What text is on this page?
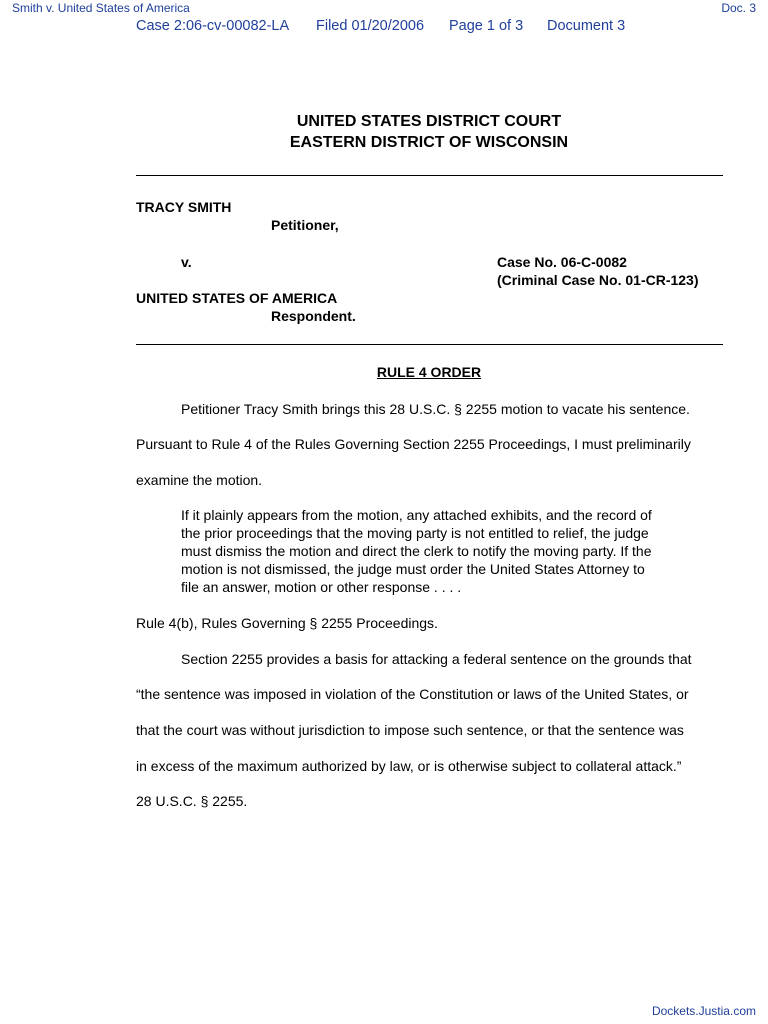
Smith v. United States of America	Doc. 3
Case 2:06-cv-00082-LA Filed 01/20/2006 Page 1 of 3 Document 3
UNITED STATES DISTRICT COURT
EASTERN DISTRICT OF WISCONSIN
TRACY SMITH
Petitioner,
v.	Case No. 06-C-0082
(Criminal Case No. 01-CR-123)
UNITED STATES OF AMERICA
Respondent.
RULE 4 ORDER
Petitioner Tracy Smith brings this 28 U.S.C. § 2255 motion to vacate his sentence.
Pursuant to Rule 4 of the Rules Governing Section 2255 Proceedings, I must preliminarily
examine the motion.
If it plainly appears from the motion, any attached exhibits, and the record of
the prior proceedings that the moving party is not entitled to relief, the judge
must dismiss the motion and direct the clerk to notify the moving party. If the
motion is not dismissed, the judge must order the United States Attorney to
file an answer, motion or other response . . . .
Rule 4(b), Rules Governing § 2255 Proceedings.
Section 2255 provides a basis for attacking a federal sentence on the grounds that
“the sentence was imposed in violation of the Constitution or laws of the United States, or
that the court was without jurisdiction to impose such sentence, or that the sentence was
in excess of the maximum authorized by law, or is otherwise subject to collateral attack.”
28 U.S.C. § 2255.
Dockets.Justia.com
